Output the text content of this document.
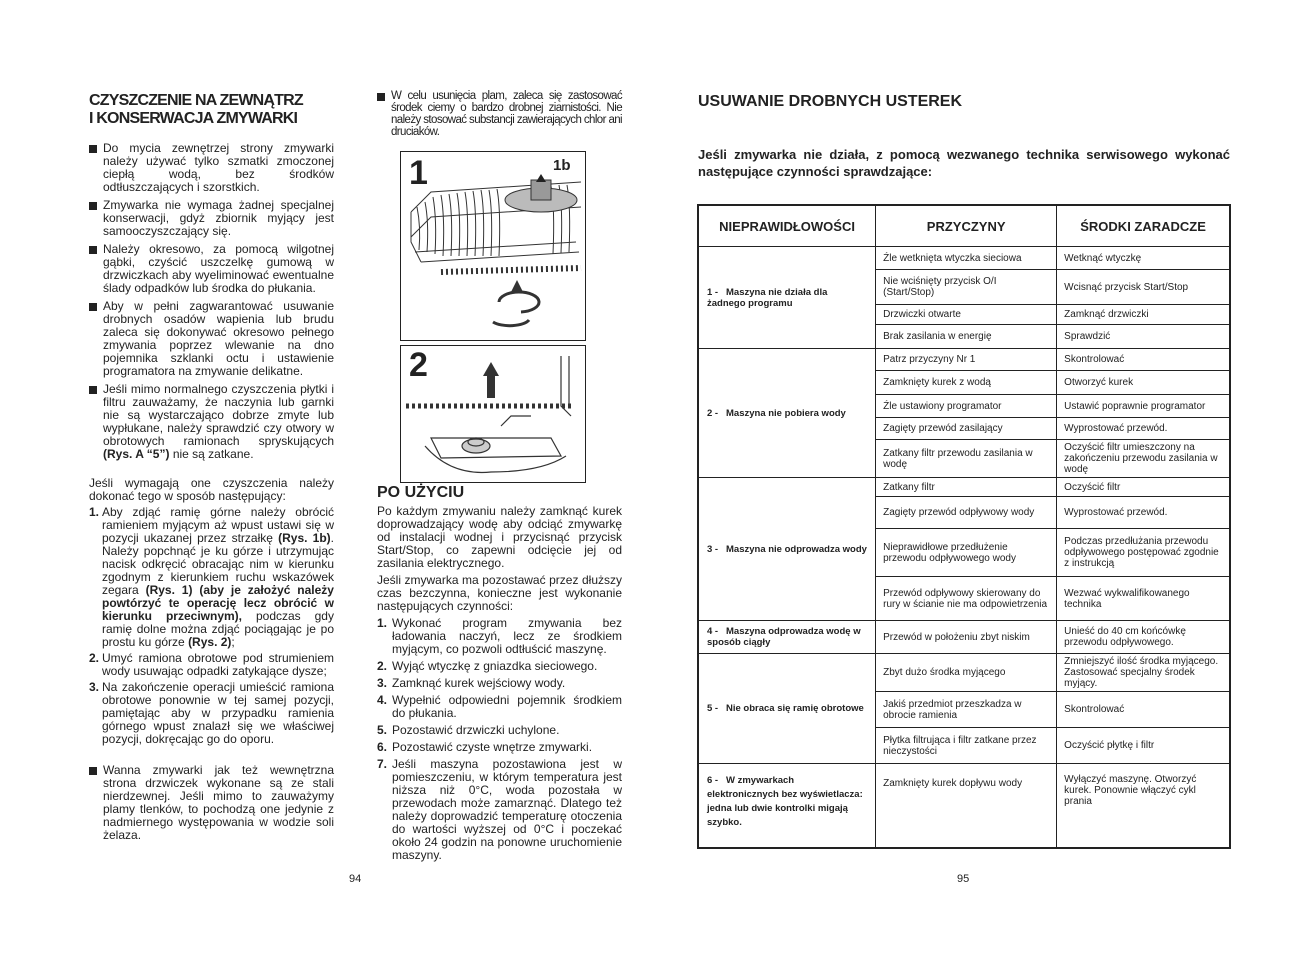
CZYSZCZENIE NA ZEWNĄTRZ
I KONSERWACJA ZMYWARKI
Do mycia zewnętrzej strony zmywarki należy używać tylko szmatki zmoczonej ciepłą wodą, bez środków odtłuszczających i szorstkich.
Zmywarka nie wymaga żadnej specjalnej konserwacji, gdyż zbiornik myjący jest samooczyszczający się.
Należy okresowo, za pomocą wilgotnej gąbki, czyścić uszczelkę gumową w drzwiczkach aby wyeliminować ewentualne ślady odpadków lub środka do płukania.
Aby w pełni zagwarantować usuwanie drobnych osadów wapienia lub brudu zaleca się dokonywać okresowo pełnego zmywania poprzez wlewanie na dno pojemnika szklanki octu i ustawienie programatora na zmywanie delikatne.
Jeśli mimo normalnego czyszczenia płytki i filtru zauważamy, że naczynia lub garnki nie są wystarczająco dobrze zmyte lub wypłukane, należy sprawdzić czy otwory w obrotowych ramionach spryskujących (Rys. A “5”) nie są zatkane.

Jeśli wymagają one czyszczenia należy dokonać tego w sposób następujący:

1. Aby zdjąć ramię górne należy obrócić ramieniem myjącym aż wpust ustawi się w pozycji ukazanej przez strzałkę (Rys. 1b). Należy popchnąć je ku górze i utrzymując nacisk odkręcić obracając nim w kierunku zgodnym z kierunkiem ruchu wskazówek zegara (Rys. 1) (aby je założyć należy powtórzyć te operację lecz obrócić w kierunku przeciwnym), podczas gdy ramię dolne można zdjąć pociągając je po prostu ku górze (Rys. 2);
2. Umyć ramiona obrotowe pod strumieniem wody usuwając odpadki zatykające dysze;
3. Na zakończenie operacji umieścić ramiona obrotowe ponownie w tej samej pozycji, pamiętając aby w przypadku ramienia górnego wpust znalazł się we właściwej pozycji, dokręcając go do oporu.
Wanna zmywarki jak też wewnętrzna strona drzwiczek wykonane są ze stali nierdzewnej. Jeśli mimo to zauważymy plamy tlenków, to pochodzą one jedynie z nadmiernego występowania w wodzie soli żelaza.
94
W celu usunięcia plam, zaleca się zastosować środek ciemy o bardzo drobnej ziarnistości. Nie należy stosować substancji zawierających chlor ani druciaków.
1	1b
2
PO UŻYCIU

Po każdym zmywaniu należy zamknąć kurek doprowadzający wodę aby odciąć zmywarkę od instalacji wodnej i przycisnąć przycisk Start/Stop, co zapewni odcięcie jej od zasilania elektrycznego.

Jeśli zmywarka ma pozostawać przez dłuższy czas bezczynna, konieczne jest wykonanie następujących czynności:

1. Wykonać program zmywania bez ładowania naczyń, lecz ze środkiem myjącym, co pozwoli odtłuścić maszynę.
2. Wyjąć wtyczkę z gniazdka sieciowego.
3. Zamknąć kurek wejściowy wody.
4. Wypełnić odpowiedni pojemnik środkiem do płukania.
5. Pozostawić drzwiczki uchylone.
6. Pozostawić czyste wnętrze zmywarki.
7. Jeśli maszyna pozostawiona jest w pomieszczeniu, w którym temperatura jest niższa niż 0°C, woda pozostała w przewodach może zamarznąć. Dlatego też należy doprowadzić temperaturę otoczenia do wartości wyższej od 0°C i poczekać około 24 godzin na ponowne uruchomienie maszyny.
USUWANIE DROBNYCH USTEREK
Jeśli zmywarka nie działa, z pomocą wezwanego technika serwisowego wykonać następujące czynności sprawdzające:
NIEPRAWIDŁOWOŚCI	PRZYCZYNY	ŚRODKI ZARADCZE
1 - Maszyna nie działa dla żadnego programu	Źle wetknięta wtyczka sieciowa	Wetknąć wtyczkę
	Nie wciśnięty przycisk O/I (Start/Stop)	Wcisnąć przycisk Start/Stop
	Drzwiczki otwarte	Zamknąć drzwiczki
	Brak zasilania w energię	Sprawdzić
2 - Maszyna nie pobiera wody	Patrz przyczyny Nr 1	Skontrolować
	Zamknięty kurek z wodą	Otworzyć kurek
	Źle ustawiony programator	Ustawić poprawnie programator
	Zagięty przewód zasilający	Wyprostować przewód.
	Zatkany filtr przewodu zasilania w wodę	Oczyścić filtr umieszczony na zakończeniu przewodu zasilania w wodę
3 - Maszyna nie odprowadza wody	Zatkany filtr	Oczyścić filtr
	Zagięty przewód odpływowy wody	Wyprostować przewód.
	Nieprawidłowe przedłużenie przewodu odpływowego wody	Podczas przedłużania przewodu odpływowego postępować zgodnie z instrukcją
	Przewód odpływowy skierowany do rury w ścianie nie ma odpowietrzenia	Wezwać wykwalifikowanego technika
4 - Maszyna odprowadza wodę w sposób ciągły	Przewód w położeniu zbyt niskim	Unieść do 40 cm końcówkę przewodu odpływowego.
5 - Nie obraca się ramię obrotowe	Zbyt dużo środka myjącego	Zmniejszyć ilość środka myjącego. Zastosować specjalny środek myjący.
	Jakiś przedmiot przeszkadza w obrocie ramienia	Skontrolować
	Płytka filtrująca i filtr zatkane przez nieczystości	Oczyścić płytkę i filtr
6 - W zmywarkach elektronicznych bez wyświetlacza: jedna lub dwie kontrolki migają szybko.	Zamknięty kurek dopływu wody	Wyłączyć maszynę. Otworzyć kurek. Ponownie włączyć cykl prania
95
